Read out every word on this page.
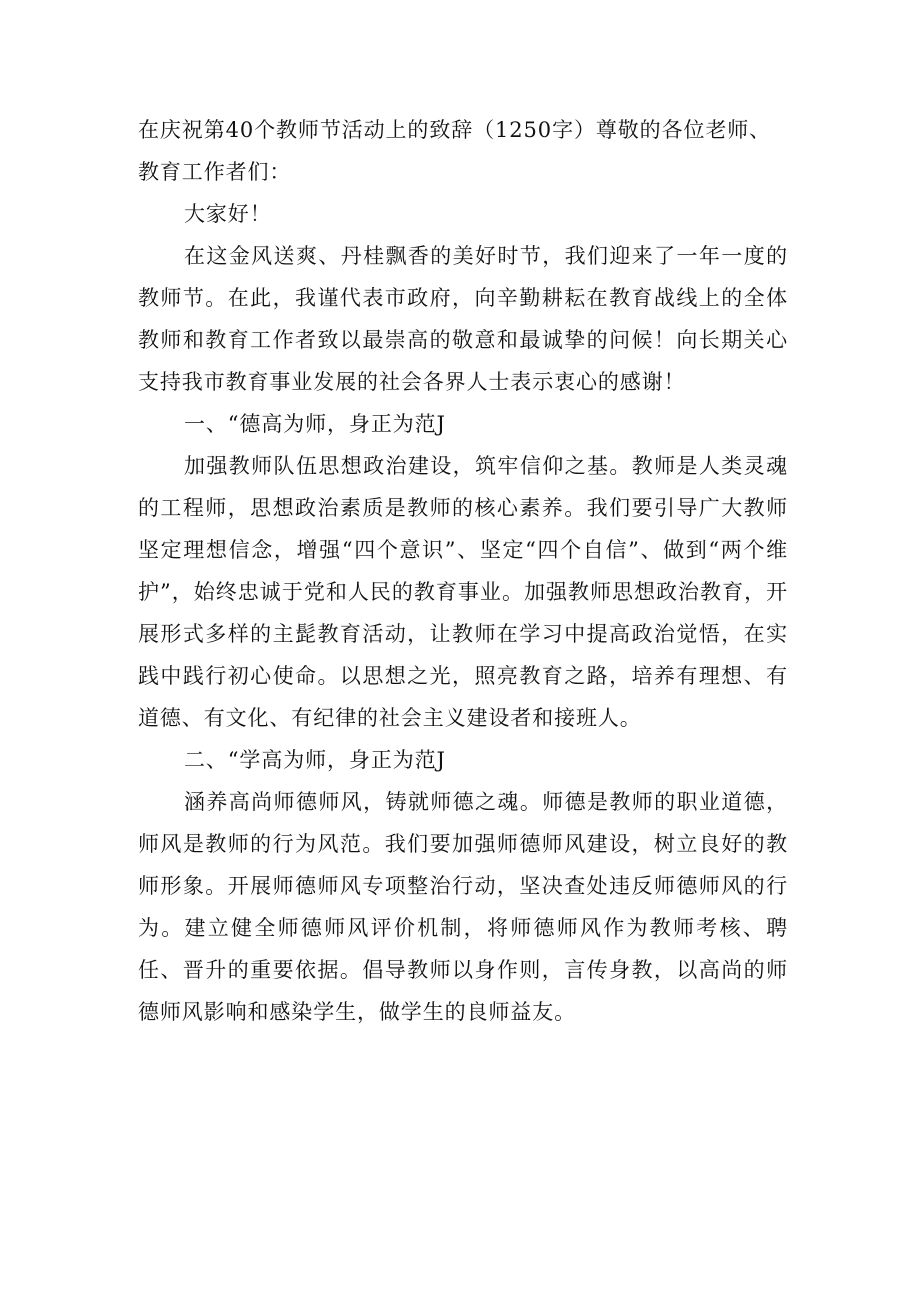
在庆祝第40个教师节活动上的致辞（1250字）尊敬的各位老师、教育工作者们：

大家好！

在这金风送爽、丹桂飘香的美好时节，我们迎来了一年一度的教师节。在此，我谨代表市政府，向辛勤耕耘在教育战线上的全体教师和教育工作者致以最崇高的敬意和最诚挚的问候！向长期关心支持我市教育事业发展的社会各界人士表示衷心的感谢！

一、“德高为师，身正为范J

加强教师队伍思想政治建设，筑牢信仰之基。教师是人类灵魂的工程师，思想政治素质是教师的核心素养。我们要引导广大教师坚定理想信念，增强“四个意识”、坚定“四个自信”、做到“两个维护”，始终忠诚于党和人民的教育事业。加强教师思想政治教育，开展形式多样的主髭教育活动，让教师在学习中提高政治觉悟，在实践中践行初心使命。以思想之光，照亮教育之路，培养有理想、有道德、有文化、有纪律的社会主义建设者和接班人。

二、“学高为师，身正为范J

涵养高尚师德师风，铸就师德之魂。师德是教师的职业道德，师风是教师的行为风范。我们要加强师德师风建设，树立良好的教师形象。开展师德师风专项整治行动，坚决查处违反师德师风的行为。建立健全师德师风评价机制，将师德师风作为教师考核、聘任、晋升的重要依据。倡导教师以身作则，言传身教，以高尚的师德师风影响和感染学生，做学生的良师益友。
